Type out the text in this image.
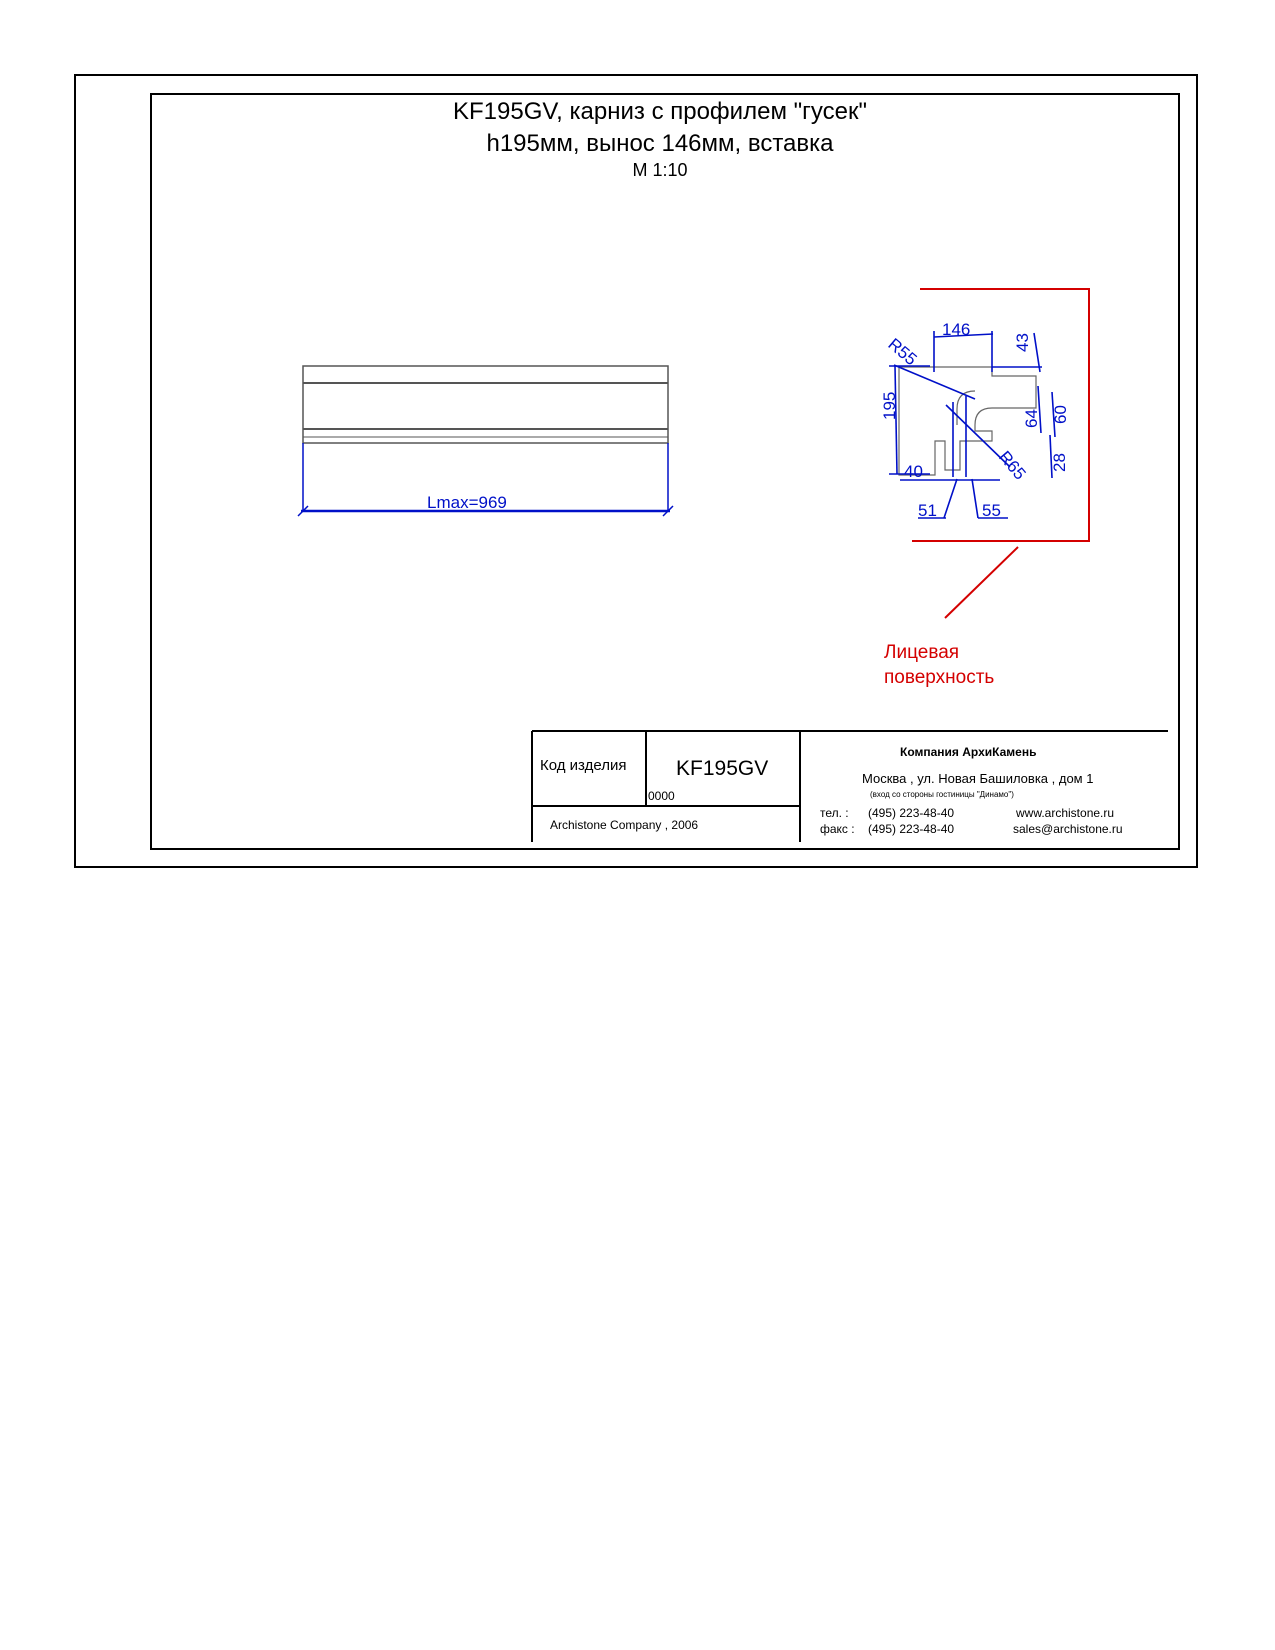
KF195GV, карниз с профилем "гусек"

h195мм, вынос 146мм, вставка

М 1:10

Lmax=969
146
43
195
R55
R65
64 60
28
40
51	55

Лицевая

поверхность

Код изделия KF195GV

0000

Archistone Company , 2006

Компания АрхиКамень

Москва , ул. Новая Башиловка , дом 1

(вход со стороны гостиницы "Динамо")

тел. : (495) 223-48-40

факс : (495) 223-48-40

www.archistone.ru

sales@archistone.ru
